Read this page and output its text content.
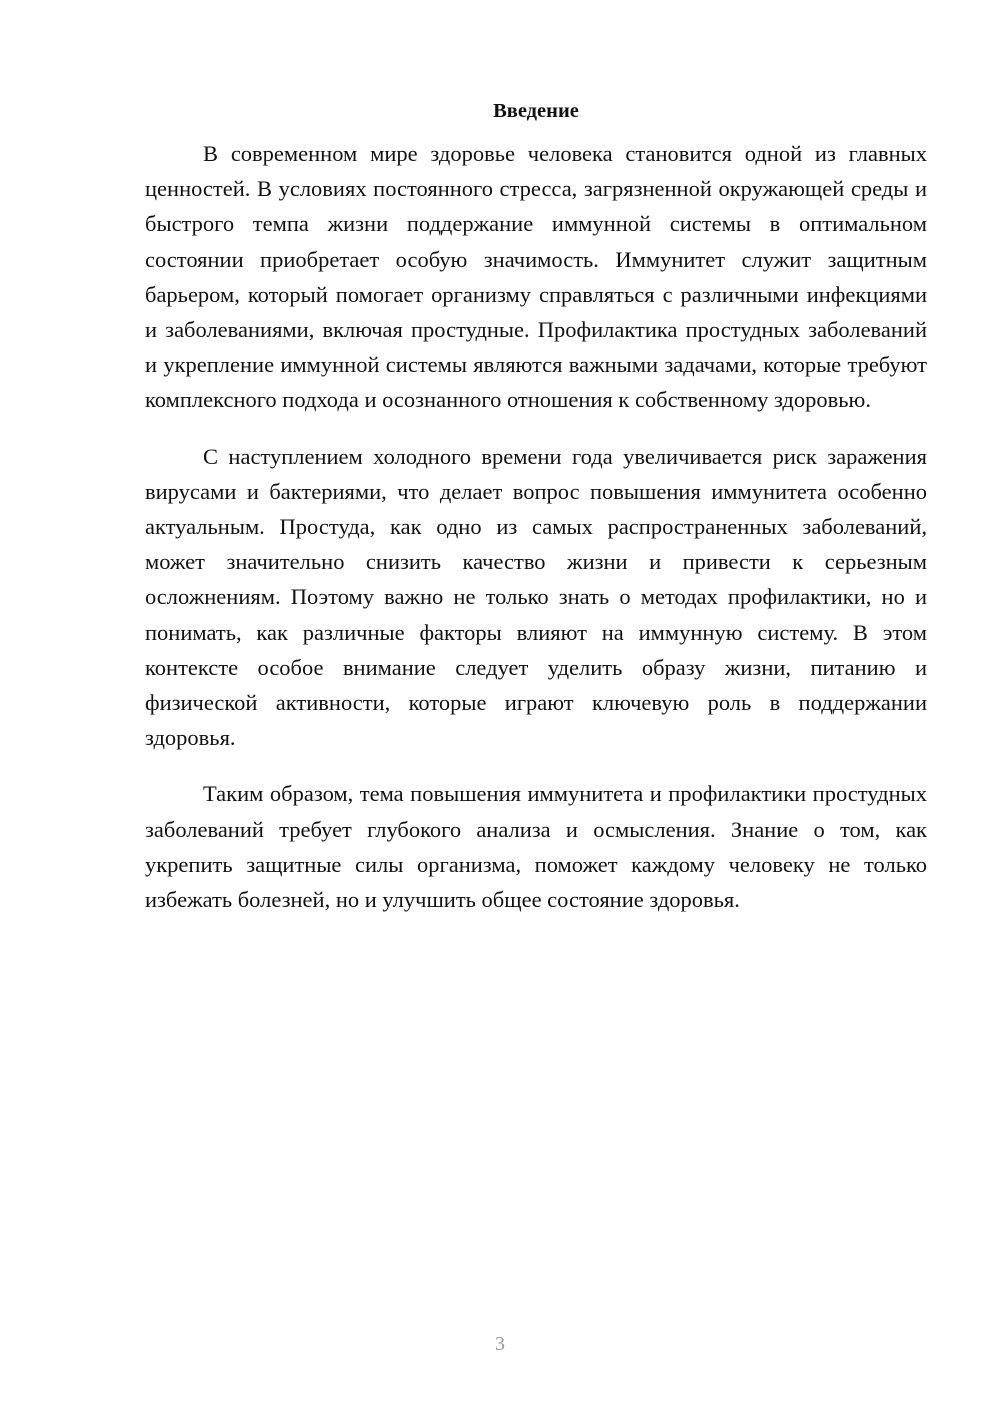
Введение

В современном мире здоровье человека становится одной из главных ценностей. В условиях постоянного стресса, загрязненной окружающей среды и быстрого темпа жизни поддержание иммунной системы в оптимальном состоянии приобретает особую значимость. Иммунитет служит защитным барьером, который помогает организму справляться с различными инфекциями и заболеваниями, включая простудные. Профилактика простудных заболеваний и укрепление иммунной системы являются важными задачами, которые требуют комплексного подхода и осознанного отношения к собственному здоровью.

С наступлением холодного времени года увеличивается риск заражения вирусами и бактериями, что делает вопрос повышения иммунитета особенно актуальным. Простуда, как одно из самых распространенных заболеваний, может значительно снизить качество жизни и привести к серьезным осложнениям. Поэтому важно не только знать о методах профилактики, но и понимать, как различные факторы влияют на иммунную систему. В этом контексте особое внимание следует уделить образу жизни, питанию и физической активности, которые играют ключевую роль в поддержании здоровья.

Таким образом, тема повышения иммунитета и профилактики простудных заболеваний требует глубокого анализа и осмысления. Знание о том, как укрепить защитные силы организма, поможет каждому человеку не только избежать болезней, но и улучшить общее состояние здоровья.

3
